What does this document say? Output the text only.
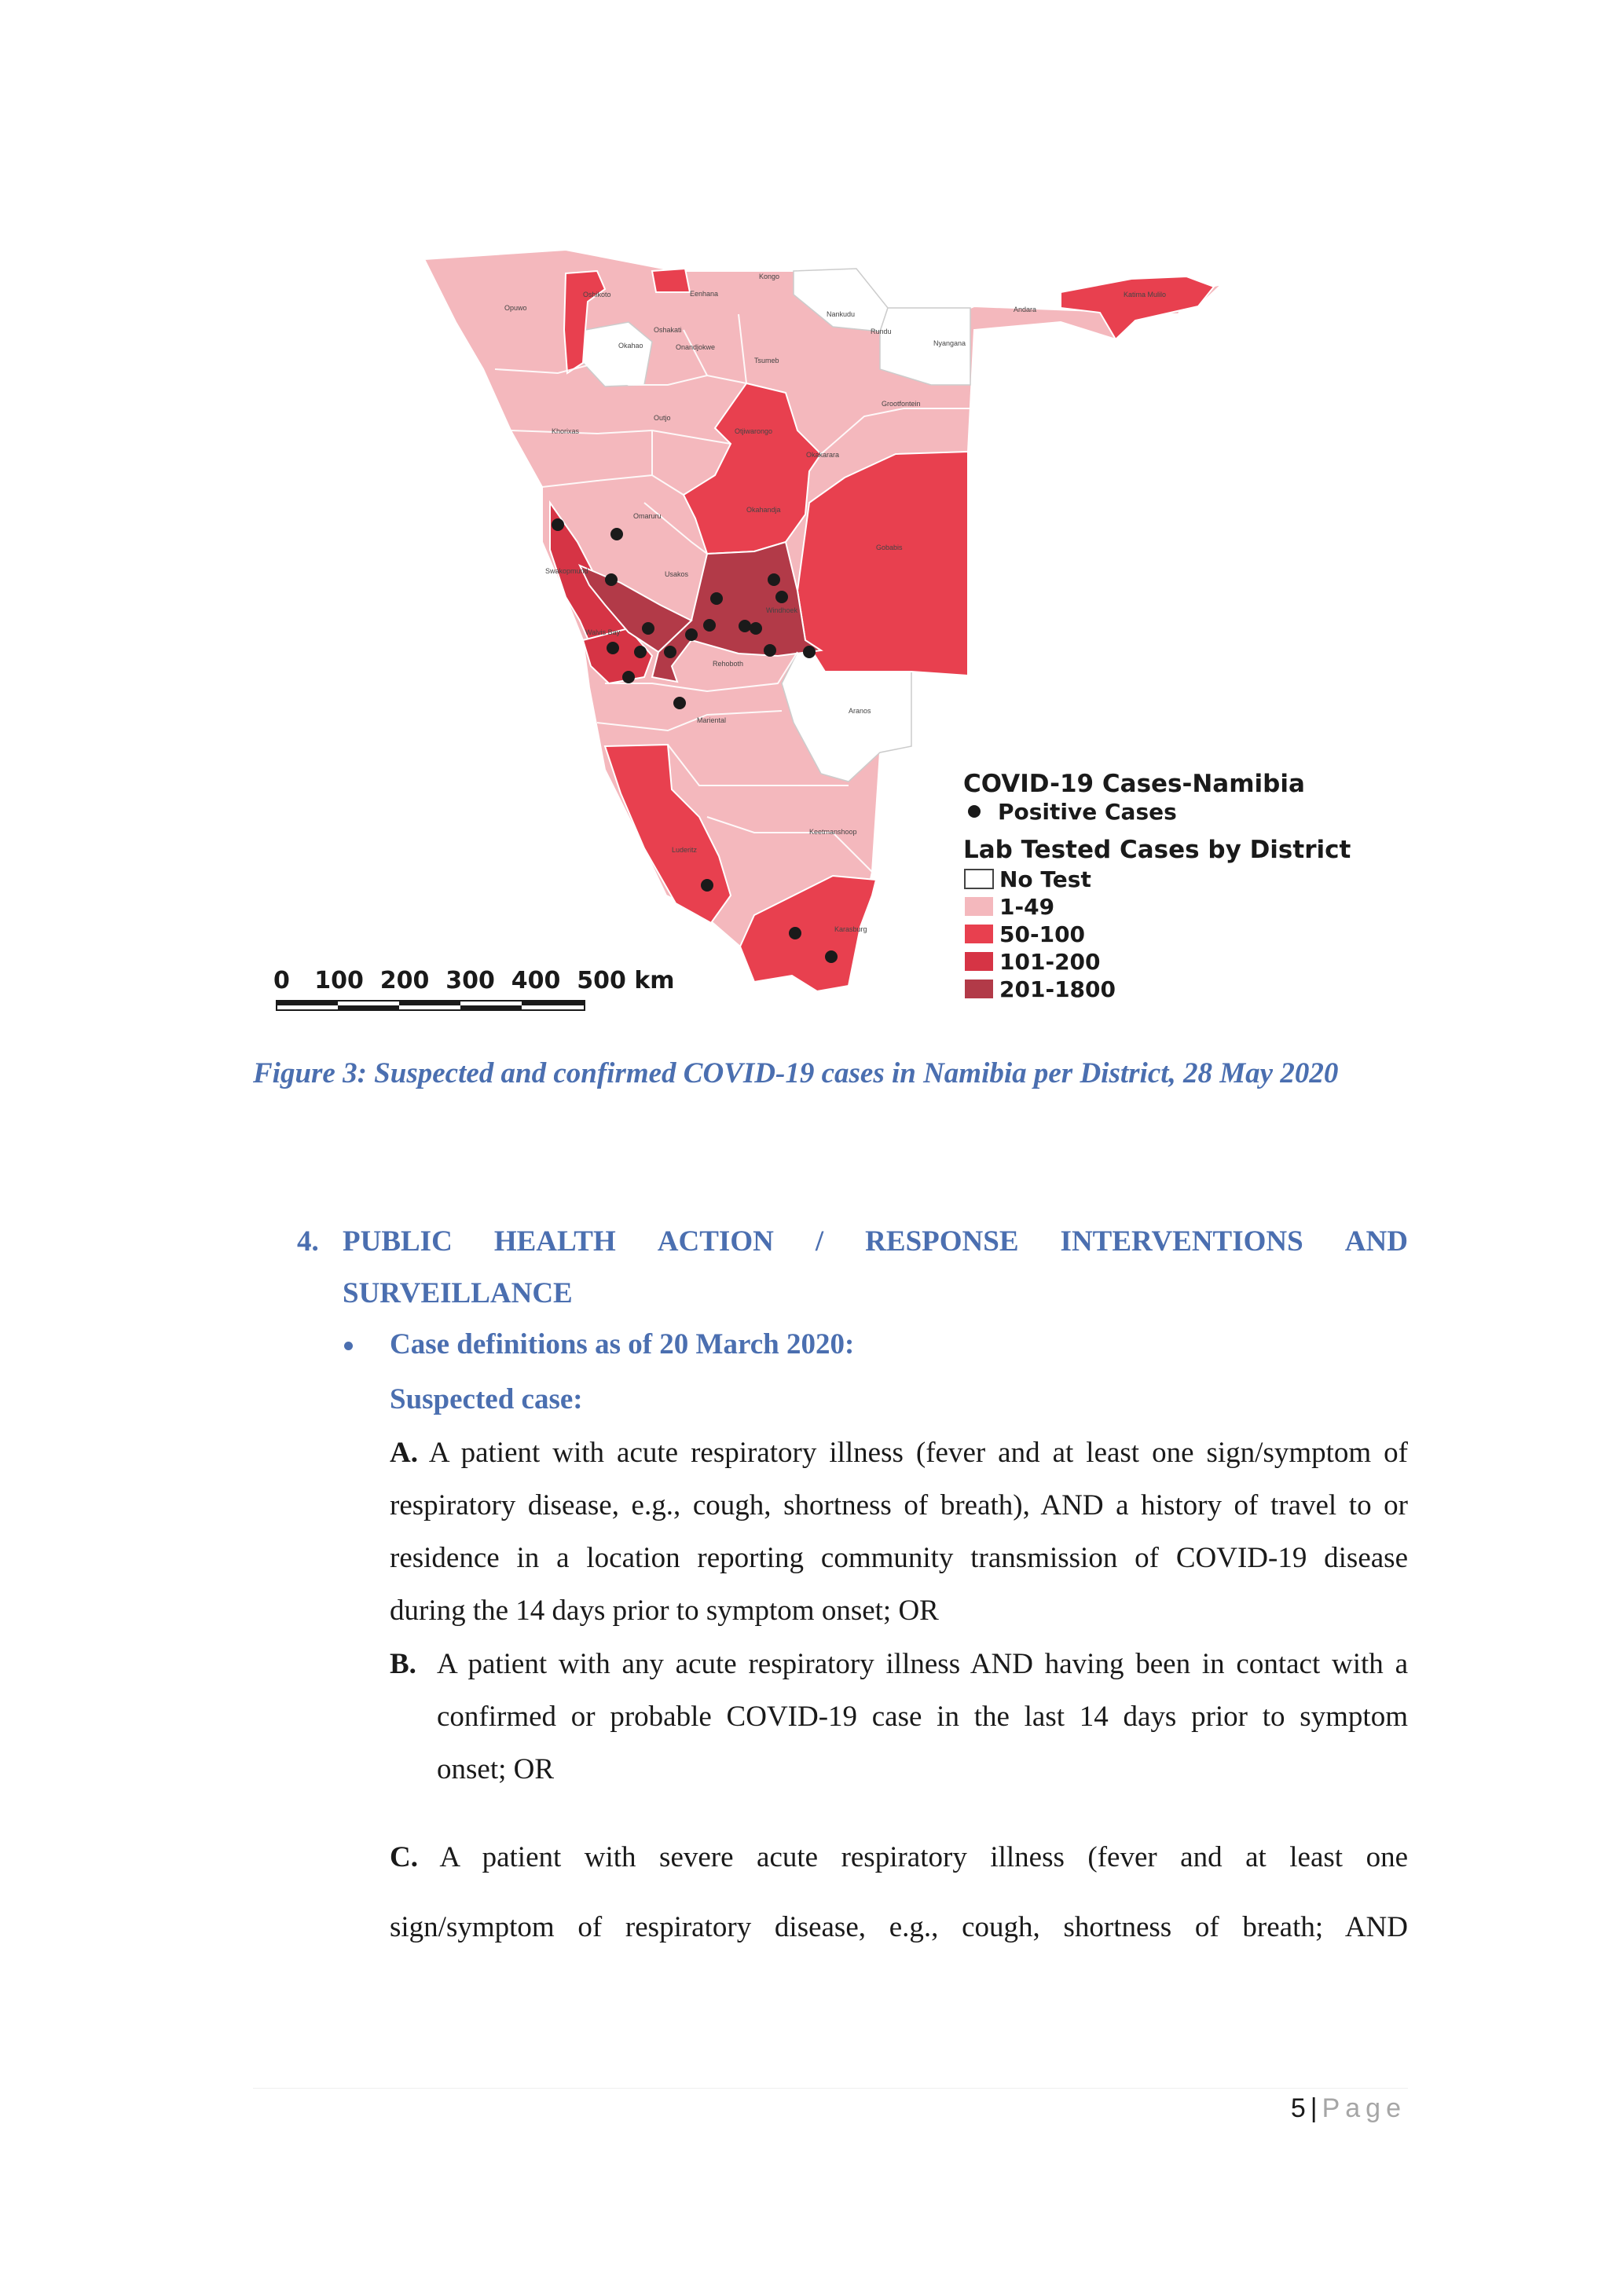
Opuwo
Oshikoto	Eenhana
Kongo
Okahao
Oshakati
Onandjokwe
Tsumeb
Nankudu
Rundu
Nyangana
Katima Mulilo
Andara
Grootfontein
Khorixas
Outjo
Otjiwarongo
Okakarara
Omaruru
Okahandja
Gobabis
Swakopmund	Usakos
Windhoek
Walvis Bay
Rehoboth
Aranos
Mariental
Keetmanshoop
Luderitz
Karasburg
0   100  200  300  400  500 km
COVID-19 Cases-Namibia
Positive Cases
Lab Tested Cases by District
No Test
1-49
50-100
101-200
201-1800
Figure 3: Suspected and confirmed COVID-19 cases in Namibia per District, 28 May 2020
4. PUBLIC HEALTH ACTION / RESPONSE INTERVENTIONS AND
SURVEILLANCE
Case definitions as of 20 March 2020:
Suspected case:
A. A patient with acute respiratory illness (fever and at least one sign/symptom of
respiratory disease, e.g., cough, shortness of breath), AND a history of travel to or
residence in a location reporting community transmission of COVID-19 disease
during the 14 days prior to symptom onset; OR
B. A patient with any acute respiratory illness AND having been in contact with a
confirmed or probable COVID-19 case in the last 14 days prior to symptom
onset; OR
C. A patient with severe acute respiratory illness (fever and at least one
sign/symptom of respiratory disease, e.g., cough, shortness of breath; AND
5 | Page
